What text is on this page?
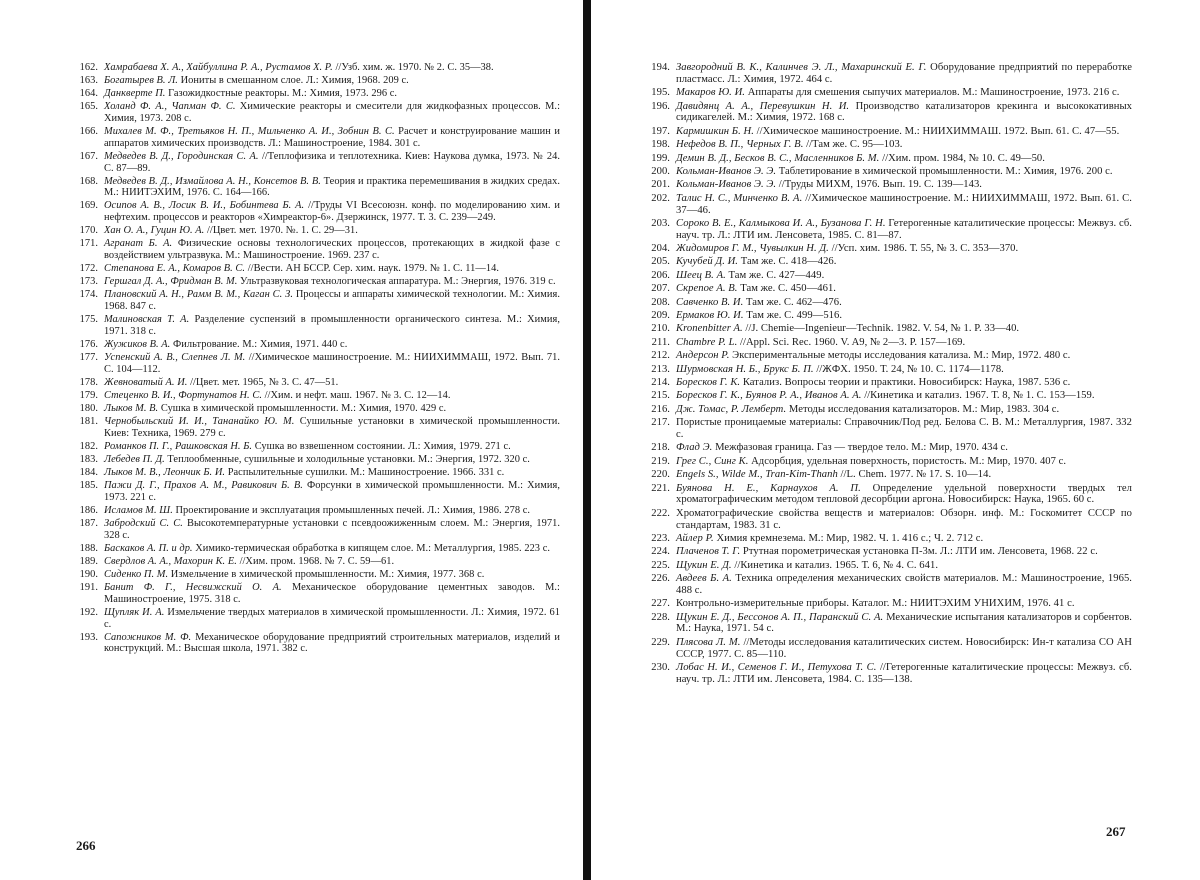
162. Хамрабаева Х. А., Хайбуллина Р. А., Рустамов Х. Р. //Узб. хим. ж. 1970. № 2. С. 35—38.
163. Богатырев В. Л. Иониты в смешанном слое. Л.: Химия, 1968. 209 с.
164. Данкверте П. Газожидкостные реакторы. М.: Химия, 1973. 296 с.
165. Холанд Ф. А., Чапман Ф. С. Химические реакторы и смесители для жидкофазных процессов. М.: Химия, 1973. 208 с.
166. Михалев М. Ф., Третьяков Н. П., Мильченко А. И., Зобнин В. С. Расчет и конструирование машин и аппаратов химических производств. Л.: Машиностроение, 1984. 301 с.
167. Медведев В. Д., Городинская С. А. //Теплофизика и теплотехника. Киев: Наукова думка, 1973. № 24. С. 87—89.
168. Медведев В. Д., Измайлова А. Н., Консетов В. В. Теория и практика перемешивания в жидких средах. М.: НИИТЭХИМ, 1976. С. 164—166.
169. Осипов А. В., Лосик В. И., Бобинтева Б. А. //Труды VI Всесоюзн. конф. по моделированию хим. и нефтехим. процессов и реакторов «Химреактор-6». Дзержинск, 1977. Т. 3. С. 239—249.
170. Хан О. А., Гуцин Ю. А. //Цвет. мет. 1970. №. 1. С. 29—31.
171. Агранат Б. А. Физические основы технологических процессов, протекающих в жидкой фазе с воздействием ультразвука. М.: Машиностроение. 1969. 237 с.
172. Степанова Е. А., Комаров В. С. //Вести. АН БССР. Сер. хим. наук. 1979. № 1. С. 11—14.
173. Гершгал Д. А., Фридман В. М. Ультразвуковая технологическая аппаратура. М.: Энергия, 1976. 319 с.
174. Плановский А. Н., Рамм В. М., Каган С. З. Процессы и аппараты химической технологии. М.: Химия. 1968. 847 с.
175. Малиновская Т. А. Разделение суспензий в промышленности органического синтеза. М.: Химия, 1971. 318 с.
176. Жужиков В. А. Фильтрование. М.: Химия, 1971. 440 с.
177. Успенский А. В., Слепнев Л. М. //Химическое машиностроение. М.: НИИХИММАШ, 1972. Вып. 71. С. 104—112.
178. Жевноватый А. И. //Цвет. мет. 1965, № 3. С. 47—51.
179. Стеценко В. И., Фортунатов Н. С. //Хим. и нефт. маш. 1967. № 3. С. 12—14.
180. Лыков М. В. Сушка в химической промышленности. М.: Химия, 1970. 429 с.
181. Чернобыльский И. И., Тананайко Ю. М. Сушильные установки в химической промышленности. Киев: Техника, 1969. 279 с.
182. Романков П. Г., Рашковская Н. Б. Сушка во взвешенном состоянии. Л.: Химия, 1979. 271 с.
183. Лебедев П. Д. Теплообменные, сушильные и холодильные установки. М.: Энергия, 1972. 320 с.
184. Лыков М. В., Леончик Б. И. Распылительные сушилки. М.: Машиностроение. 1966. 331 с.
185. Пажи Д. Г., Прахов А. М., Равикович Б. В. Форсунки в химической промышленности. М.: Химия, 1973. 221 с.
186. Исламов М. Ш. Проектирование и эксплуатация промышленных печей. Л.: Химия, 1986. 278 с.
187. Забродский С. С. Высокотемпературные установки с псевдоожиженным слоем. М.: Энергия, 1971. 328 с.
188. Баскаков А. П. и др. Химико-термическая обработка в кипящем слое. М.: Металлургия, 1985. 223 с.
189. Свердлов А. А., Махорин К. Е. //Хим. пром. 1968. № 7. С. 59—61.
190. Сиденко П. М. Измельчение в химической промышленности. М.: Химия, 1977. 368 с.
191. Банит Ф. Г., Несвижский О. А. Механическое оборудование цементных заводов. М.: Машиностроение, 1975. 318 с.
192. Щупляк И. А. Измельчение твердых материалов в химической промышленности. Л.: Химия, 1972. 61 с.
193. Сапожников М. Ф. Механическое оборудование предприятий строительных материалов, изделий и конструкций. М.: Высшая школа, 1971. 382 с.
194. Завгородний В. К., Калинчев Э. Л., Махаринский Е. Г. Оборудование предприятий по переработке пластмасс. Л.: Химия, 1972. 464 с.
195. Макаров Ю. И. Аппараты для смешения сыпучих материалов. М.: Машиностроение, 1973. 216 с.
196. Давидянц А. А., Перевушкин Н. И. Производство катализаторов крекинга и высококативных сидикагелей. М.: Химия, 1972. 168 с.
197. Кармишкин Б. Н. //Химическое машиностроение. М.: НИИХИММАШ. 1972. Вып. 61. С. 47—55.
198. Нефедов В. П., Черных Г. В. //Там же. С. 95—103.
199. Демин В. Д., Бесков В. С., Масленников Б. М. //Хим. пром. 1984, № 10. С. 49—50.
200. Кольман-Иванов Э. Э. Таблетирование в химической промышленности. М.: Химия, 1976. 200 с.
201. Кольман-Иванов Э. Э. //Труды МИХМ, 1976. Вып. 19. С. 139—143.
202. Талис Н. С., Минченко В. А. //Химическое машиностроение. М.: НИИХИММАШ, 1972. Вып. 61. С. 37—46.
203. Сороко В. Е., Калмыкова И. А., Бузанова Г. Н. Гетерогенные каталитические процессы: Межвуз. сб. науч. тр. Л.: ЛТИ им. Ленсовета, 1985. С. 81—87.
204. Жидомиров Г. М., Чувылкин Н. Д. //Усп. хим. 1986. Т. 55, № 3. С. 353—370.
205. Кучубей Д. И. Там же. С. 418—426.
206. Шеец В. А. Там же. С. 427—449.
207. Скрепое А. В. Там же. С. 450—461.
208. Савченко В. И. Там же. С. 462—476.
209. Ермаков Ю. И. Там же. С. 499—516.
210. Kronenbitter A. //J. Chemie—Ingenieur—Technik. 1982. V. 54, № 1. P. 33—40.
211. Chambre P. L. //Appl. Sci. Rec. 1960. V. A9, № 2—3. P. 157—169.
212. Андерсон Р. Экспериментальные методы исследования катализа. М.: Мир, 1972. 480 с.
213. Шурмовская Н. Б., Брукс Б. П. //ЖФХ. 1950. Т. 24, № 10. С. 1174—1178.
214. Боресков Г. К. Катализ. Вопросы теории и практики. Новосибирск: Наука, 1987. 536 с.
215. Боресков Г. К., Буянов Р. А., Иванов А. А. //Кинетика и катализ. 1967. Т. 8, № 1. С. 153—159.
216. Дж. Томас, Р. Лемберт. Методы исследования катализаторов. М.: Мир, 1983. 304 с.
217. Пористые проницаемые материалы: Справочник/Под ред. Белова С. В. М.: Металлургия, 1987. 332 с.
218. Флад Э. Межфазовая граница. Газ — твердое тело. М.: Мир, 1970. 434 с.
219. Грег С., Синг К. Адсорбция, удельная поверхность, пористость. М.: Мир, 1970. 407 с.
220. Engels S., Wilde M., Tran-Kim-Thanh //L. Chem. 1977. № 17. S. 10—14.
221. Буянова Н. Е., Карнаухов А. П. Определение удельной поверхности твердых тел хроматографическим методом тепловой десорбции аргона. Новосибирск: Наука, 1965. 60 с.
222. Хроматографические свойства веществ и материалов: Обзорн. инф. М.: Госкомитет СССР по стандартам, 1983. 31 с.
223. Айлер Р. Химия кремнезема. М.: Мир, 1982. Ч. 1. 416 с.; Ч. 2. 712 с.
224. Плаченов Т. Г. Ртутная порометрическая установка П-3м. Л.: ЛТИ им. Ленсовета, 1968. 22 с.
225. Щукин Е. Д. //Кинетика и катализ. 1965. Т. 6, № 4. С. 641.
226. Авдеев Б. А. Техника определения механических свойств материалов. М.: Машиностроение, 1965. 488 с.
227. Контрольно-измерительные приборы. Каталог. М.: НИИТЭХИМ УНИХИМ, 1976. 41 с.
228. Щукин Е. Д., Бессонов А. П., Паранский С. А. Механические испытания катализаторов и сорбентов. М.: Наука, 1971. 54 с.
229. Плясова Л. М. //Методы исследования каталитических систем. Новосибирск: Ин-т катализа СО АН СССР, 1977. С. 85—110.
230. Лобас Н. И., Семенов Г. И., Петухова Т. С. //Гетерогенные каталитические процессы: Межвуз. сб. науч. тр. Л.: ЛТИ им. Ленсовета, 1984. С. 135—138.
266
267
